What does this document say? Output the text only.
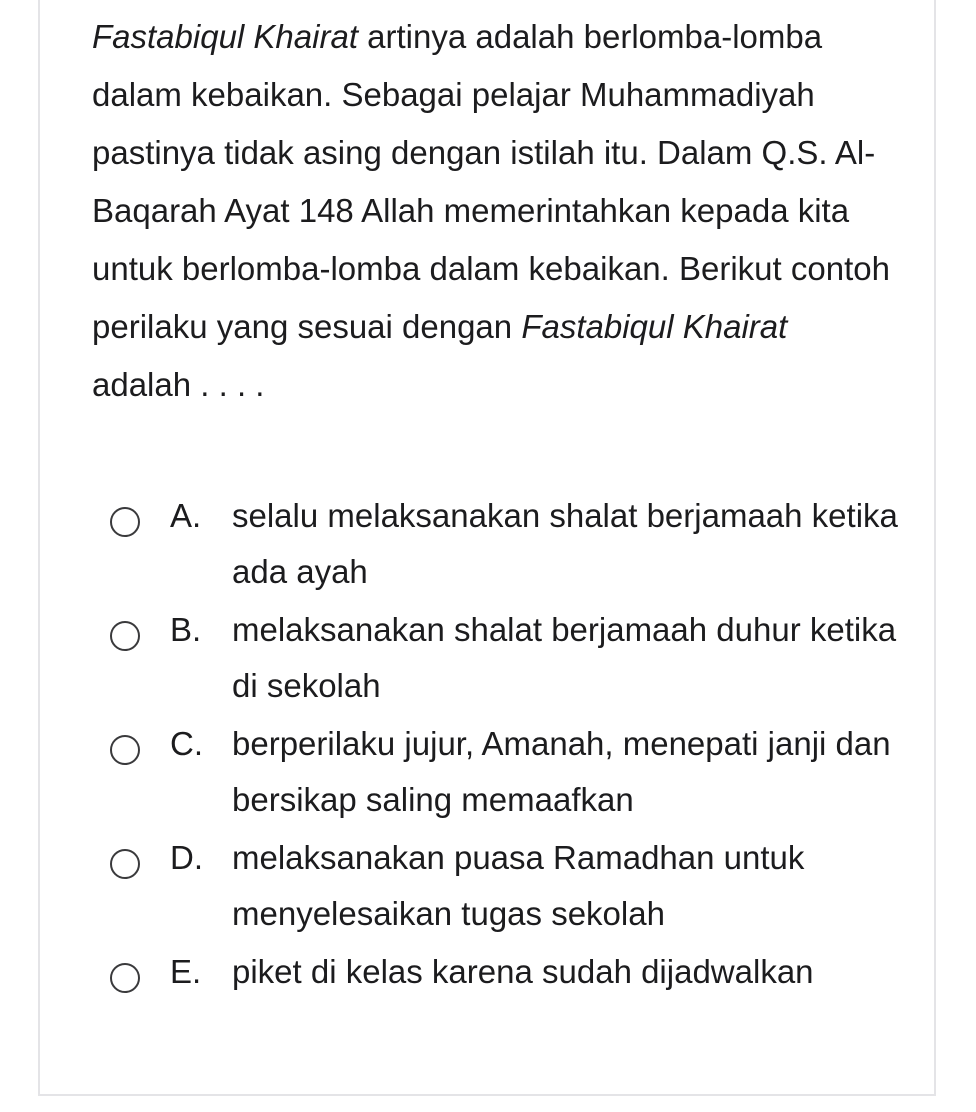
Fastabiqul Khairat artinya adalah berlomba-lomba dalam kebaikan. Sebagai pelajar Muhammadiyah pastinya tidak asing dengan istilah itu. Dalam Q.S. Al-Baqarah Ayat 148 Allah memerintahkan kepada kita untuk berlomba-lomba dalam kebaikan. Berikut contoh perilaku yang sesuai dengan Fastabiqul Khairat adalah . . . .

A. selalu melaksanakan shalat berjamaah ketika ada ayah
B. melaksanakan shalat berjamaah duhur ketika di sekolah
C. berperilaku jujur, Amanah, menepati janji dan bersikap saling memaafkan
D. melaksanakan puasa Ramadhan untuk menyelesaikan tugas sekolah
E. piket di kelas karena sudah dijadwalkan
